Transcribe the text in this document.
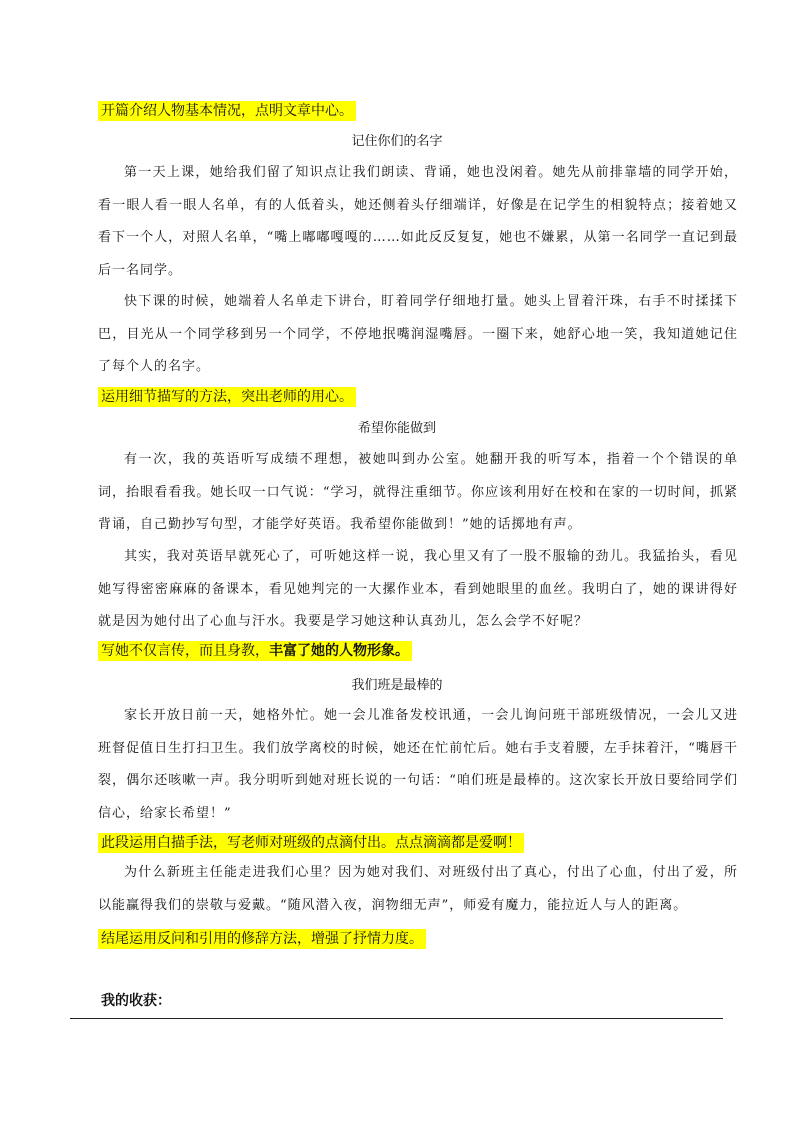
开篇介绍人物基本情况，点明文章中心。
记住你们的名字
第一天上课，她给我们留了知识点让我们朗读、背诵，她也没闲着。她先从前排靠墙的同学开始，看一眼人看一眼人名单，有的人低着头，她还侧着头仔细端详，好像是在记学生的相貌特点；接着她又看下一个人，对照人名单，“嘴上嘟嘟嘎嘎的……如此反反复复，她也不嫌累，从第一名同学一直记到最后一名同学。
快下课的时候，她端着人名单走下讲台，盯着同学仔细地打量。她头上冒着汗珠，右手不时揉揉下巴，目光从一个同学移到另一个同学，不停地抿嘴润湿嘴唇。一圈下来，她舒心地一笑，我知道她记住了每个人的名字。
运用细节描写的方法，突出老师的用心。
希望你能做到
有一次，我的英语听写成绩不理想，被她叫到办公室。她翻开我的听写本，指着一个个错误的单词，抬眼看看我。她长叹一口气说：“学习，就得注重细节。你应该利用好在校和在家的一切时间，抓紧背诵，自己勤抄写句型，才能学好英语。我希望你能做到！”她的话掷地有声。
其实，我对英语早就死心了，可听她这样一说，我心里又有了一股不服输的劲儿。我猛抬头，看见她写得密密麻麻的备课本，看见她判完的一大摞作业本，看到她眼里的血丝。我明白了，她的课讲得好就是因为她付出了心血与汗水。我要是学习她这种认真劲儿，怎么会学不好呢？
写她不仅言传，而且身教，丰富了她的人物形象。
我们班是最棒的
家长开放日前一天，她格外忙。她一会儿准备发校讯通，一会儿询问班干部班级情况，一会儿又进班督促值日生打扫卫生。我们放学离校的时候，她还在忙前忙后。她右手支着腰，左手抹着汗，“嘴唇干裂，偶尔还咳嗽一声。我分明听到她对班长说的一句话：“咱们班是最棒的。这次家长开放日要给同学们信心，给家长希望！”
此段运用白描手法，写老师对班级的点滴付出。点点滴滴都是爱啊！
为什么新班主任能走进我们心里？因为她对我们、对班级付出了真心，付出了心血，付出了爱，所以能赢得我们的崇敬与爱戴。“随风潜入夜，润物细无声”，师爱有魔力，能拉近人与人的距离。
结尾运用反问和引用的修辞方法，增强了抒情力度。
我的收获：
